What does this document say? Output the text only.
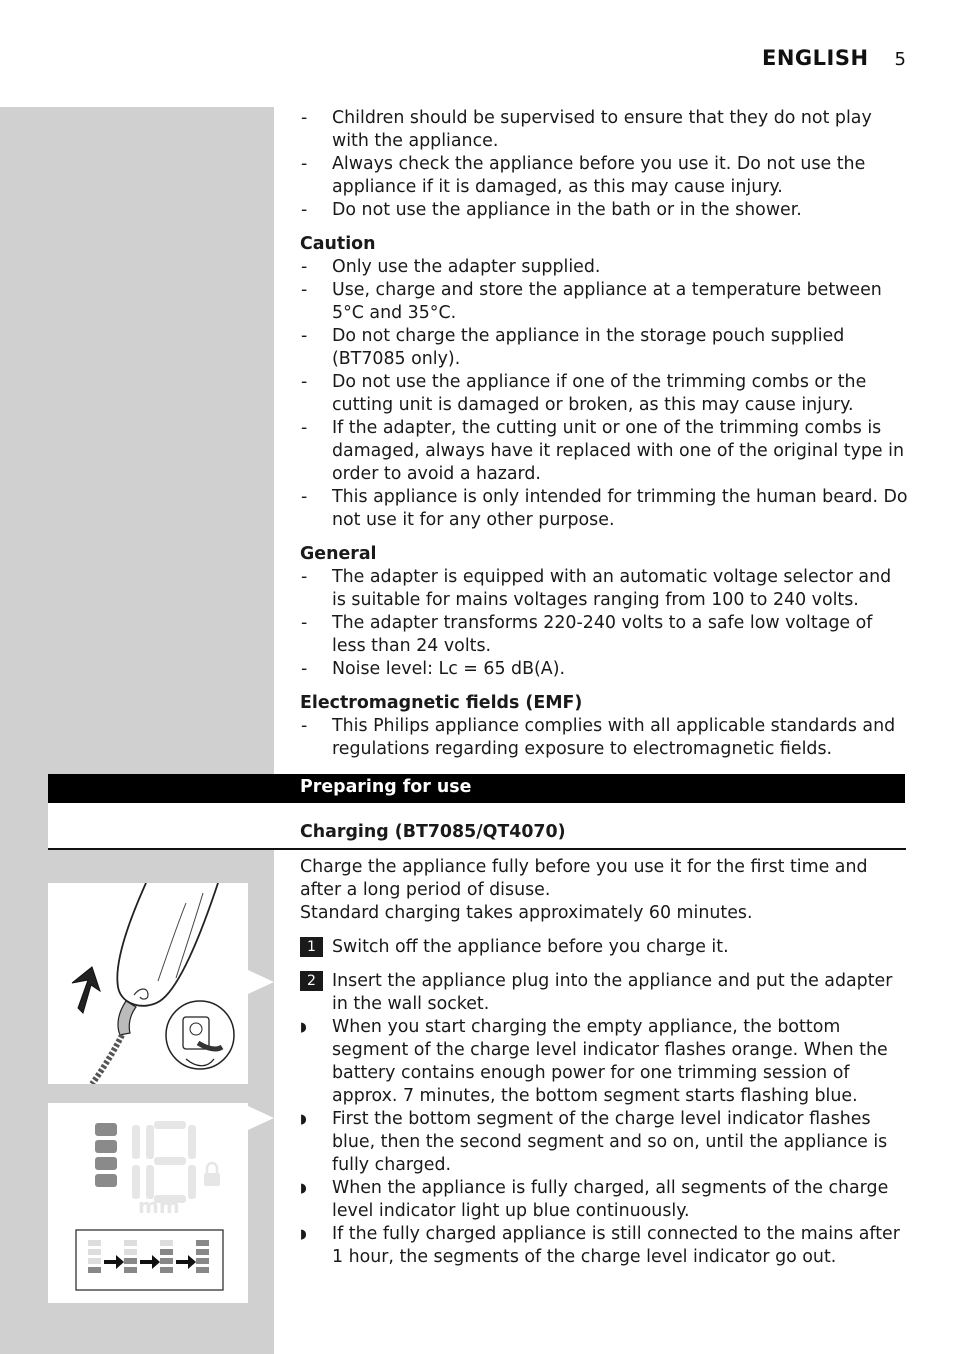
ENGLISH 5
- Children should be supervised to ensure that they do not play with the appliance.
- Always check the appliance before you use it. Do not use the appliance if it is damaged, as this may cause injury.
- Do not use the appliance in the bath or in the shower.
Caution
- Only use the adapter supplied.
- Use, charge and store the appliance at a temperature between 5°C and 35°C.
- Do not charge the appliance in the storage pouch supplied (BT7085 only).
- Do not use the appliance if one of the trimming combs or the cutting unit is damaged or broken, as this may cause injury.
- If the adapter, the cutting unit or one of the trimming combs is damaged, always have it replaced with one of the original type in order to avoid a hazard.
- This appliance is only intended for trimming the human beard. Do not use it for any other purpose.
General
- The adapter is equipped with an automatic voltage selector and is suitable for mains voltages ranging from 100 to 240 volts.
- The adapter transforms 220-240 volts to a safe low voltage of less than 24 volts.
- Noise level: Lc = 65 dB(A).
Electromagnetic fields (EMF)
- This Philips appliance complies with all applicable standards and regulations regarding exposure to electromagnetic fields.
Preparing for use
Charging (BT7085/QT4070)

Charge the appliance fully before you use it for the first time and after a long period of disuse.

Standard charging takes approximately 60 minutes.

1 Switch off the appliance before you charge it.
2 Insert the appliance plug into the appliance and put the adapter in the wall socket.
◗ When you start charging the empty appliance, the bottom segment of the charge level indicator flashes orange. When the battery contains enough power for one trimming session of approx. 7 minutes, the bottom segment starts flashing blue.
◗ First the bottom segment of the charge level indicator flashes blue, then the second segment and so on, until the appliance is fully charged.
◗ When the appliance is fully charged, all segments of the charge level indicator light up blue continuously.
◗ If the fully charged appliance is still connected to the mains after 1 hour, the segments of the charge level indicator go out.
mm
